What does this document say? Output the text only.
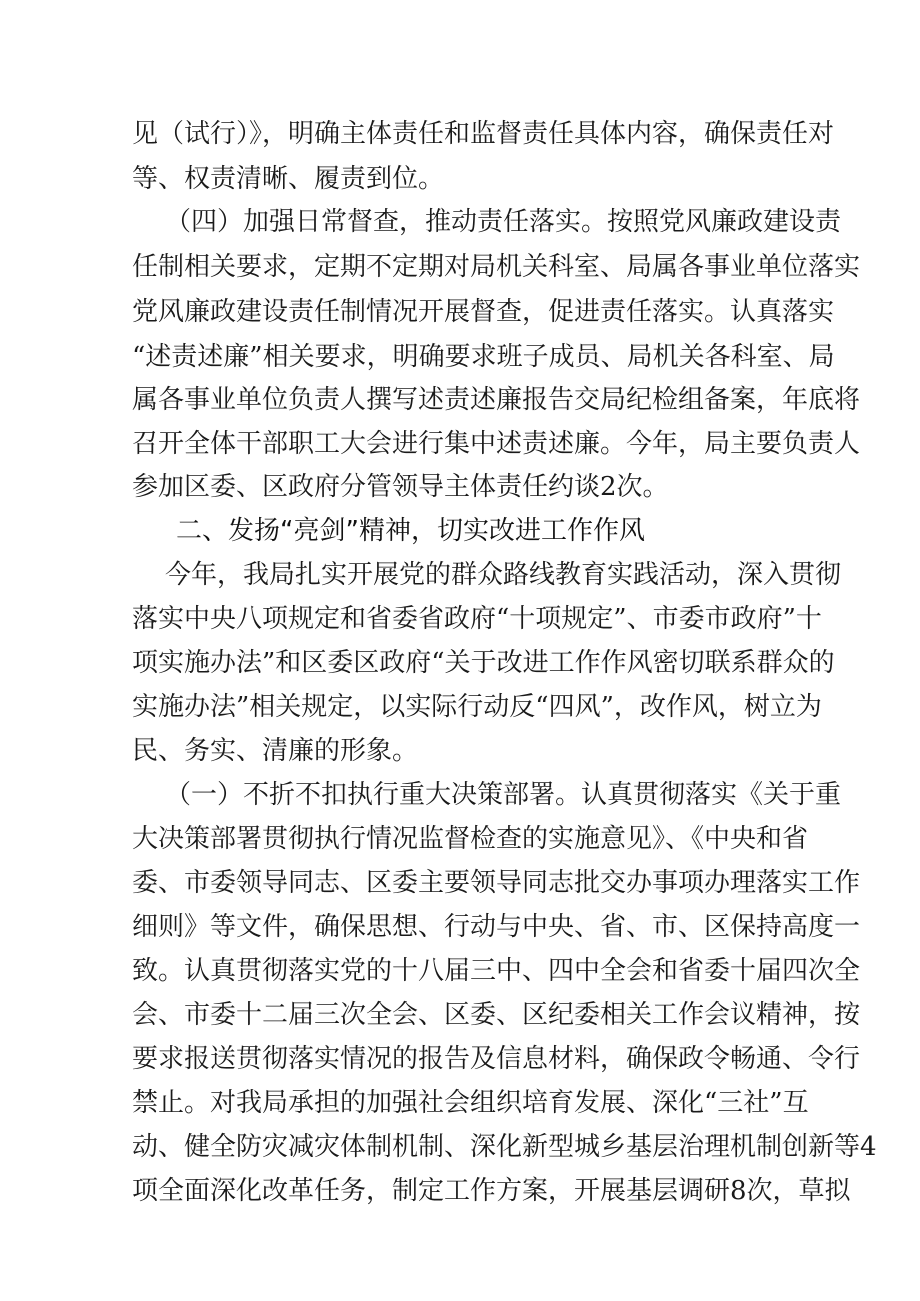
见（试行）》，明确主体责任和监督责任具体内容，确保责任对
等、权责清晰、履责到位。
（四）加强日常督查，推动责任落实。按照党风廉政建设责
任制相关要求，定期不定期对局机关科室、局属各事业单位落实
党风廉政建设责任制情况开展督查，促进责任落实。认真落实
“述责述廉”相关要求，明确要求班子成员、局机关各科室、局
属各事业单位负责人撰写述责述廉报告交局纪检组备案，年底将
召开全体干部职工大会进行集中述责述廉。今年，局主要负责人
参加区委、区政府分管领导主体责任约谈2次。
二、发扬“亮剑”精神，切实改进工作作风
今年，我局扎实开展党的群众路线教育实践活动，深入贯彻
落实中央八项规定和省委省政府“十项规定”、市委市政府”十
项实施办法”和区委区政府“关于改进工作作风密切联系群众的
实施办法”相关规定，以实际行动反“四风”，改作风，树立为
民、务实、清廉的形象。
（一）不折不扣执行重大决策部署。认真贯彻落实《关于重
大决策部署贯彻执行情况监督检查的实施意见》、《中央和省
委、市委领导同志、区委主要领导同志批交办事项办理落实工作
细则》等文件，确保思想、行动与中央、省、市、区保持高度一
致。认真贯彻落实党的十八届三中、四中全会和省委十届四次全
会、市委十二届三次全会、区委、区纪委相关工作会议精神，按
要求报送贯彻落实情况的报告及信息材料，确保政令畅通、令行
禁止。对我局承担的加强社会组织培育发展、深化“三社”互
动、健全防灾减灾体制机制、深化新型城乡基层治理机制创新等4
项全面深化改革任务，制定工作方案，开展基层调研8次，草拟
